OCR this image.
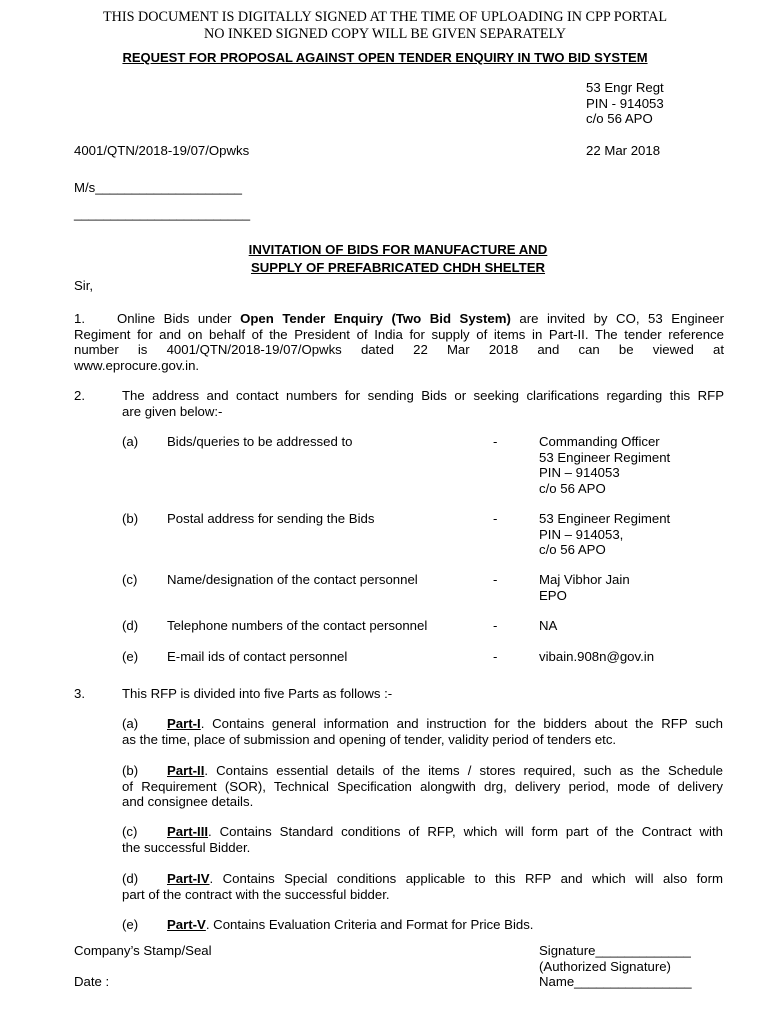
THIS DOCUMENT IS DIGITALLY SIGNED AT THE TIME OF UPLOADING IN CPP PORTAL
NO INKED SIGNED COPY WILL BE GIVEN SEPARATELY
REQUEST FOR PROPOSAL AGAINST OPEN TENDER ENQUIRY IN TWO BID SYSTEM
53 Engr Regt
PIN - 914053
c/o 56 APO
4001/QTN/2018-19/07/Opwks	22 Mar 2018
M/s____________________
________________________
INVITATION OF BIDS FOR MANUFACTURE AND
SUPPLY OF PREFABRICATED CHDH SHELTER
Sir,
1. Online Bids under Open Tender Enquiry (Two Bid System) are invited by CO, 53 Engineer
Regiment for and on behalf of the President of India for supply of items in Part-II. The tender reference
number is 4001/QTN/2018-19/07/Opwks dated 22 Mar 2018 and can be viewed at
www.eprocure.gov.in.
2.	The address and contact numbers for sending Bids or seeking clarifications regarding this RFP
are given below:-
(a) Bids/queries to be addressed to	-	Commanding Officer
53 Engineer Regiment
PIN – 914053
c/o 56 APO
(b) Postal address for sending the Bids	-	53 Engineer Regiment
PIN – 914053,
c/o 56 APO
(c) Name/designation of the contact personnel	-	Maj Vibhor Jain
EPO
(d) Telephone numbers of the contact personnel	-	NA
(e) E-mail ids of contact personnel	-	vibain.908n@gov.in
3.	This RFP is divided into five Parts as follows :-
(a) Part-I. Contains general information and instruction for the bidders about the RFP such
as the time, place of submission and opening of tender, validity period of tenders etc.
(b) Part-II. Contains essential details of the items / stores required, such as the Schedule
of Requirement (SOR), Technical Specification alongwith drg, delivery period, mode of delivery
and consignee details.
(c) Part-III. Contains Standard conditions of RFP, which will form part of the Contract with
the successful Bidder.
(d) Part-IV. Contains Special conditions applicable to this RFP and which will also form
part of the contract with the successful bidder.
(e) Part-V. Contains Evaluation Criteria and Format for Price Bids.
Company’s Stamp/Seal
Date :
Signature_____________
(Authorized Signature)
Name________________
